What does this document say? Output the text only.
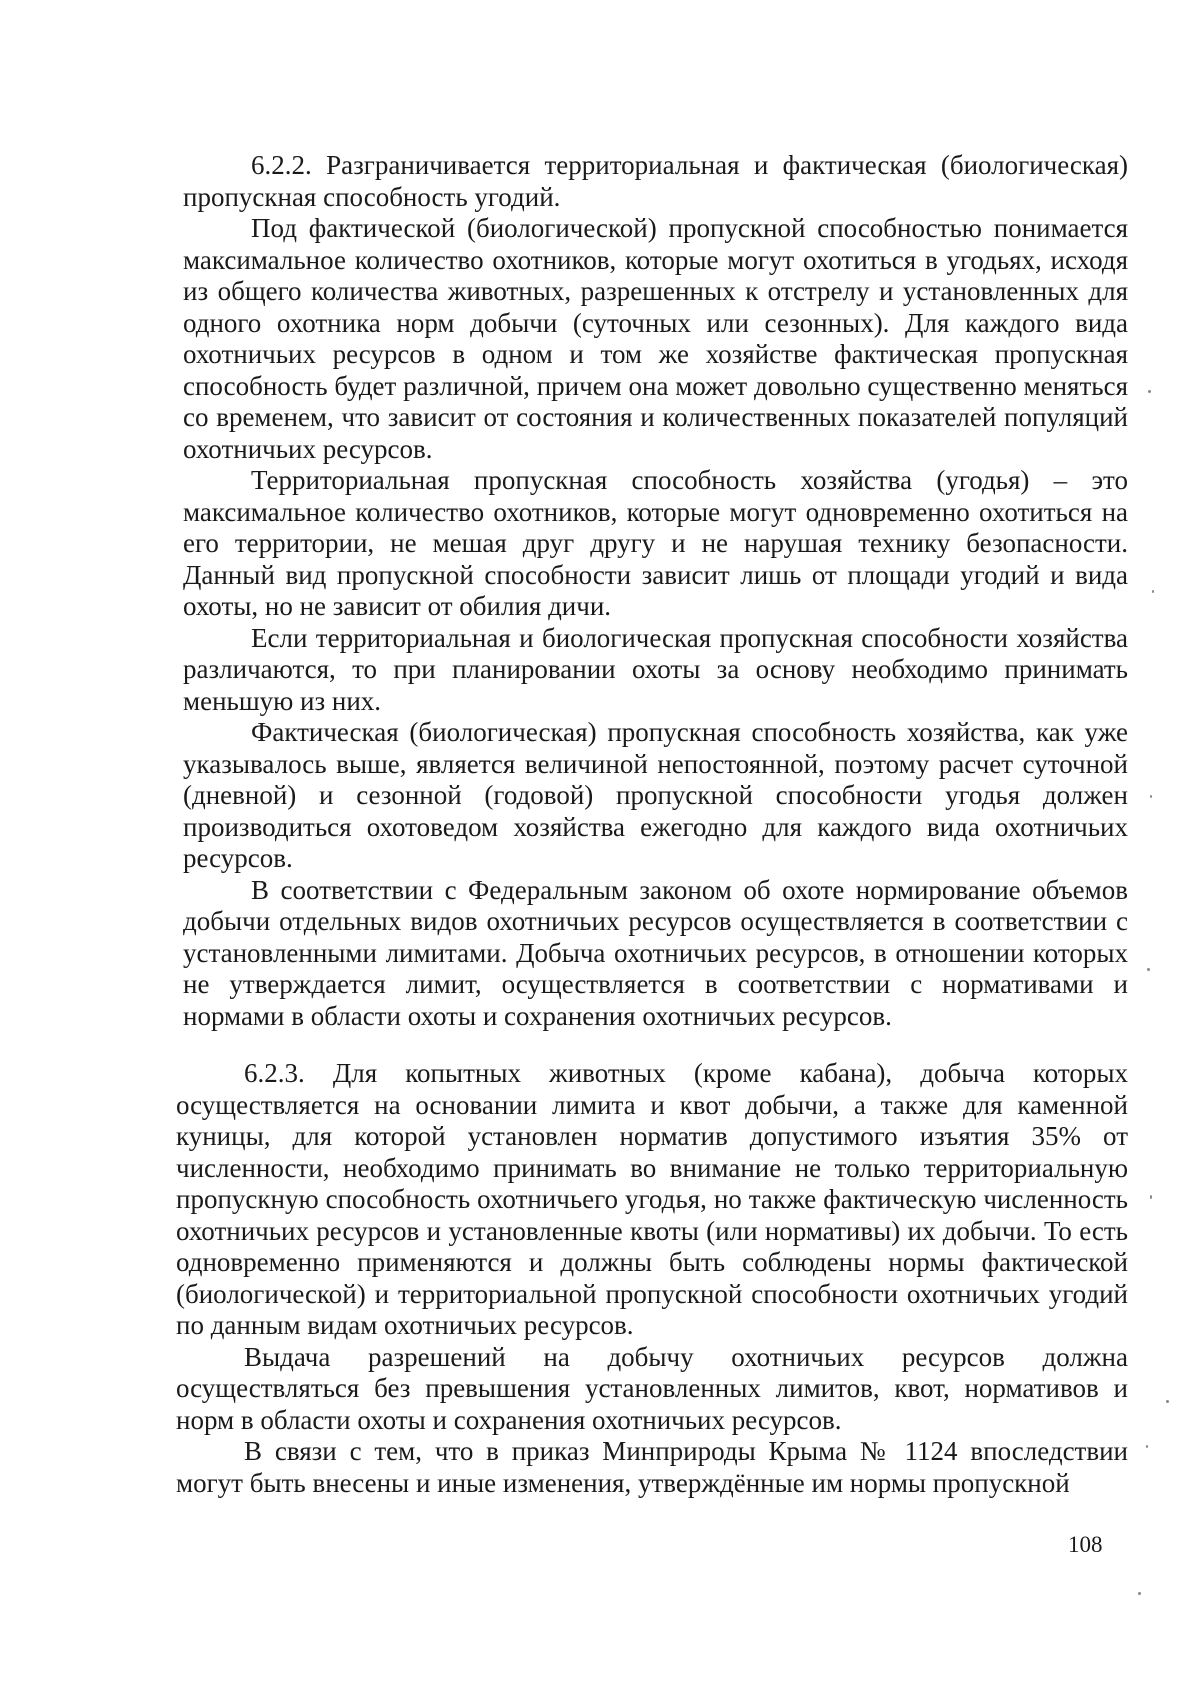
6.2.2. Разграничивается территориальная и фактическая (биологическая) пропускная способность угодий.

Под фактической (биологической) пропускной способностью понимается максимальное количество охотников, которые могут охотиться в угодьях, исходя из общего количества животных, разрешенных к отстрелу и установленных для одного охотника норм добычи (суточных или сезонных). Для каждого вида охотничьих ресурсов в одном и том же хозяйстве фактическая пропускная способность будет различной, причем она может довольно существенно меняться со временем, что зависит от состояния и количественных показателей популяций охотничьих ресурсов.

Территориальная пропускная способность хозяйства (угодья) – это максимальное количество охотников, которые могут одновременно охотиться на его территории, не мешая друг другу и не нарушая технику безопасности. Данный вид пропускной способности зависит лишь от площади угодий и вида охоты, но не зависит от обилия дичи.

Если территориальная и биологическая пропускная способности хозяйства различаются, то при планировании охоты за основу необходимо принимать меньшую из них.

Фактическая (биологическая) пропускная способность хозяйства, как уже указывалось выше, является величиной непостоянной, поэтому расчет суточной (дневной) и сезонной (годовой) пропускной способности угодья должен производиться охотоведом хозяйства ежегодно для каждого вида охотничьих ресурсов.

В соответствии с Федеральным законом об охоте нормирование объемов добычи отдельных видов охотничьих ресурсов осуществляется в соответствии с установленными лимитами. Добыча охотничьих ресурсов, в отношении которых не утверждается лимит, осуществляется в соответствии с нормативами и нормами в области охоты и сохранения охотничьих ресурсов.

6.2.3. Для копытных животных (кроме кабана), добыча которых осуществляется на основании лимита и квот добычи, а также для каменной куницы, для которой установлен норматив допустимого изъятия 35% от численности, необходимо принимать во внимание не только территориальную пропускную способность охотничьего угодья, но также фактическую численность охотничьих ресурсов и установленные квоты (или нормативы) их добычи. То есть одновременно применяются и должны быть соблюдены нормы фактической (биологической) и территориальной пропускной способности охотничьих угодий по данным видам охотничьих ресурсов.

Выдача разрешений на добычу охотничьих ресурсов должна осуществляться без превышения установленных лимитов, квот, нормативов и норм в области охоты и сохранения охотничьих ресурсов.

В связи с тем, что в приказ Минприроды Крыма № 1124 впоследствии могут быть внесены и иные изменения, утверждённые им нормы пропускной

108
